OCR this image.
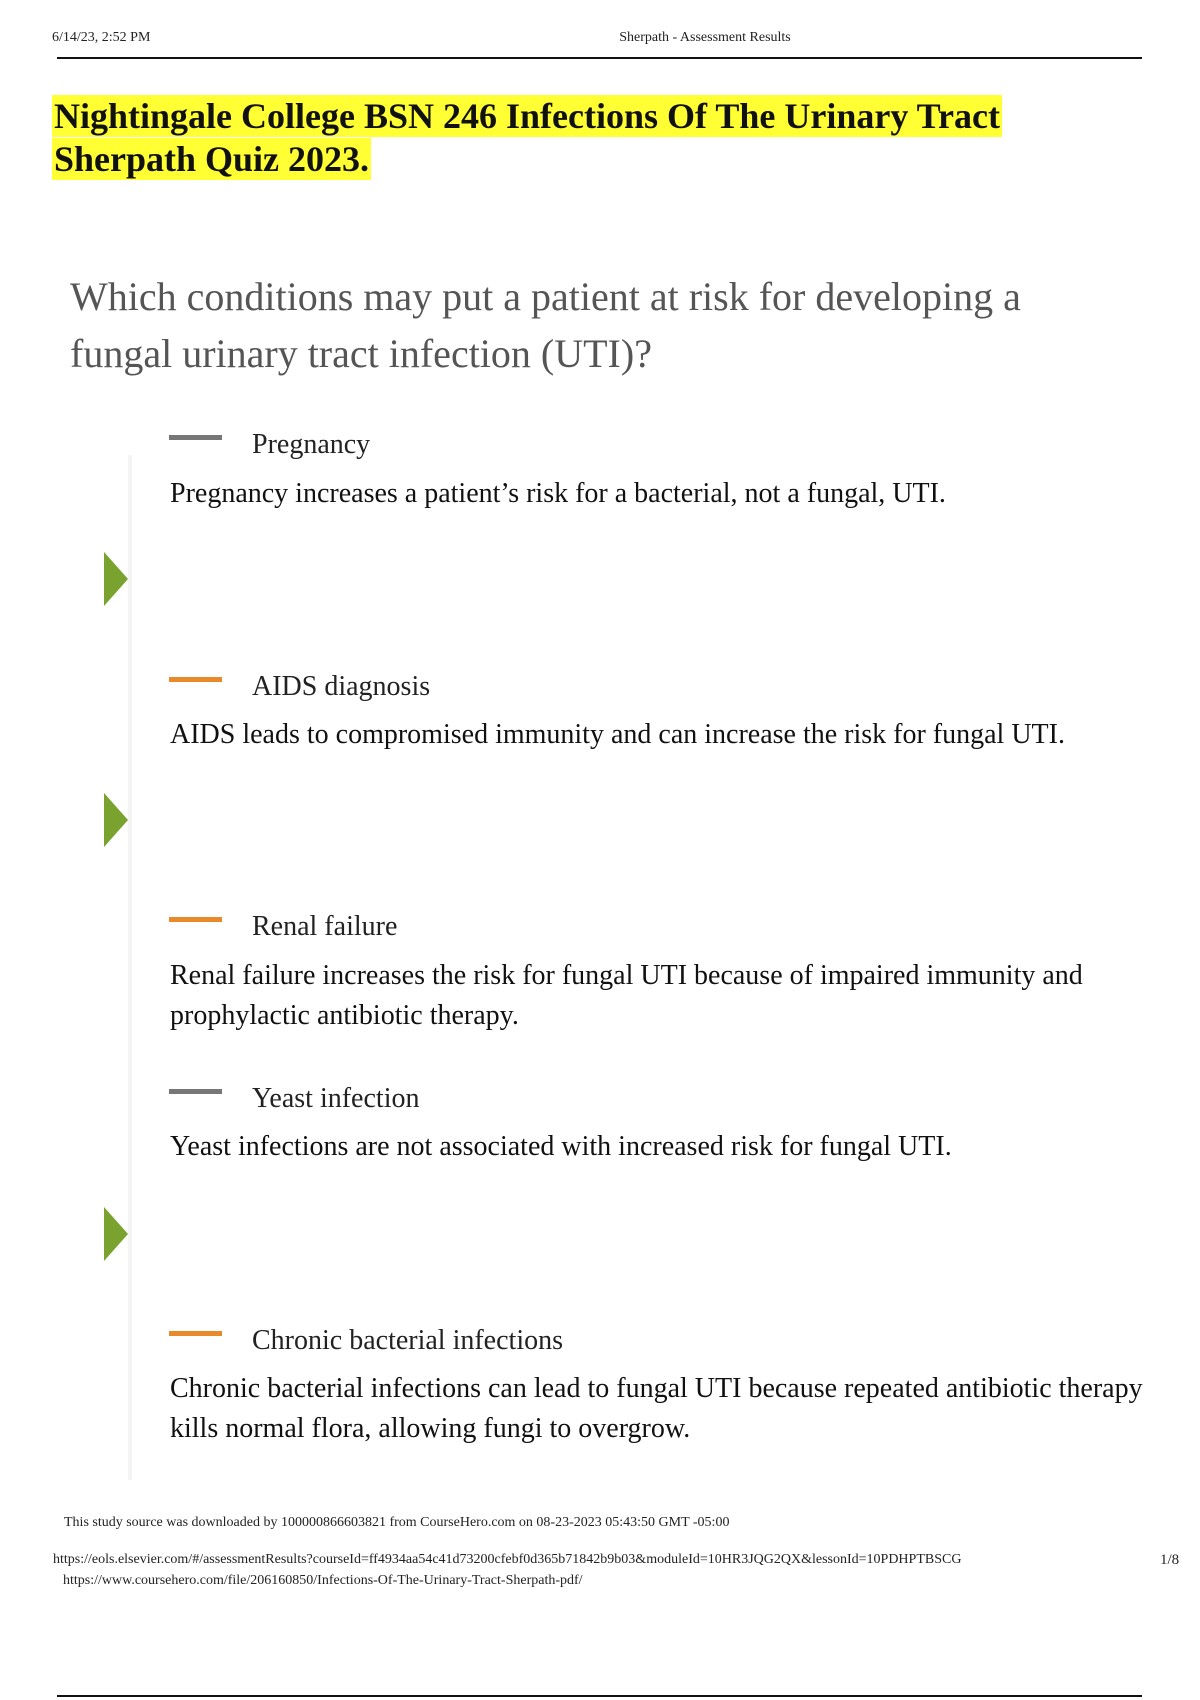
6/14/23, 2:52 PM	Sherpath - Assessment Results
Nightingale College BSN 246 Infections Of The Urinary Tract
Sherpath Quiz 2023.
Which conditions may put a patient at risk for developing a fungal urinary tract infection (UTI)?
Pregnancy
Pregnancy increases a patient’s risk for a bacterial, not a fungal, UTI.
AIDS diagnosis
AIDS leads to compromised immunity and can increase the risk for fungal UTI.
Renal failure
Renal failure increases the risk for fungal UTI because of impaired immunity and prophylactic antibiotic therapy.
Yeast infection
Yeast infections are not associated with increased risk for fungal UTI.
Chronic bacterial infections
Chronic bacterial infections can lead to fungal UTI because repeated antibiotic therapy kills normal flora, allowing fungi to overgrow.
This study source was downloaded by 100000866603821 from CourseHero.com on 08-23-2023 05:43:50 GMT -05:00
https://eols.elsevier.com/#/assessmentResults?courseId=ff4934aa54c41d73200cfebf0d365b71842b9b03&moduleId=10HR3JQG2QX&lessonId=10PDHPTBSCG	1/8
https://www.coursehero.com/file/206160850/Infections-Of-The-Urinary-Tract-Sherpath-pdf/
